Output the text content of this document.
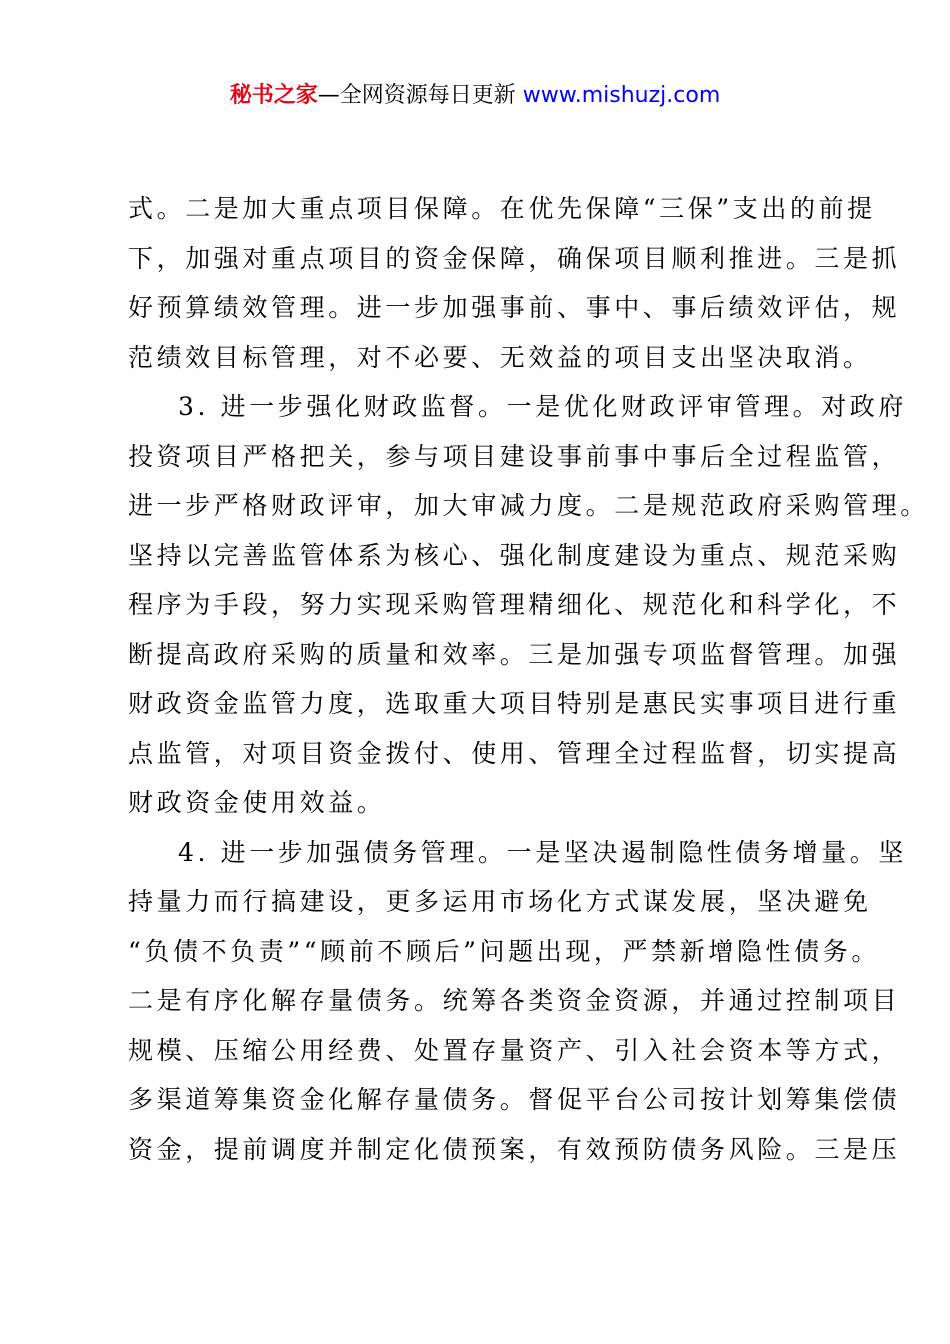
秘书之家—全网资源每日更新 www.mishuzj.com
式。二是加大重点项目保障。在优先保障“三保”支出的前提
下，加强对重点项目的资金保障，确保项目顺利推进。三是抓
好预算绩效管理。进一步加强事前、事中、事后绩效评估，规
范绩效目标管理，对不必要、无效益的项目支出坚决取消。
3. 进一步强化财政监督。一是优化财政评审管理。对政府
投资项目严格把关，参与项目建设事前事中事后全过程监管，
进一步严格财政评审，加大审减力度。二是规范政府采购管理。
坚持以完善监管体系为核心、强化制度建设为重点、规范采购
程序为手段，努力实现采购管理精细化、规范化和科学化，不
断提高政府采购的质量和效率。三是加强专项监督管理。加强
财政资金监管力度，选取重大项目特别是惠民实事项目进行重
点监管，对项目资金拨付、使用、管理全过程监督，切实提高
财政资金使用效益。
4. 进一步加强债务管理。一是坚决遏制隐性债务增量。坚
持量力而行搞建设，更多运用市场化方式谋发展，坚决避免
“负债不负责”“顾前不顾后”问题出现，严禁新增隐性债务。
二是有序化解存量债务。统筹各类资金资源，并通过控制项目
规模、压缩公用经费、处置存量资产、引入社会资本等方式，
多渠道筹集资金化解存量债务。督促平台公司按计划筹集偿债
资金，提前调度并制定化债预案，有效预防债务风险。三是压
